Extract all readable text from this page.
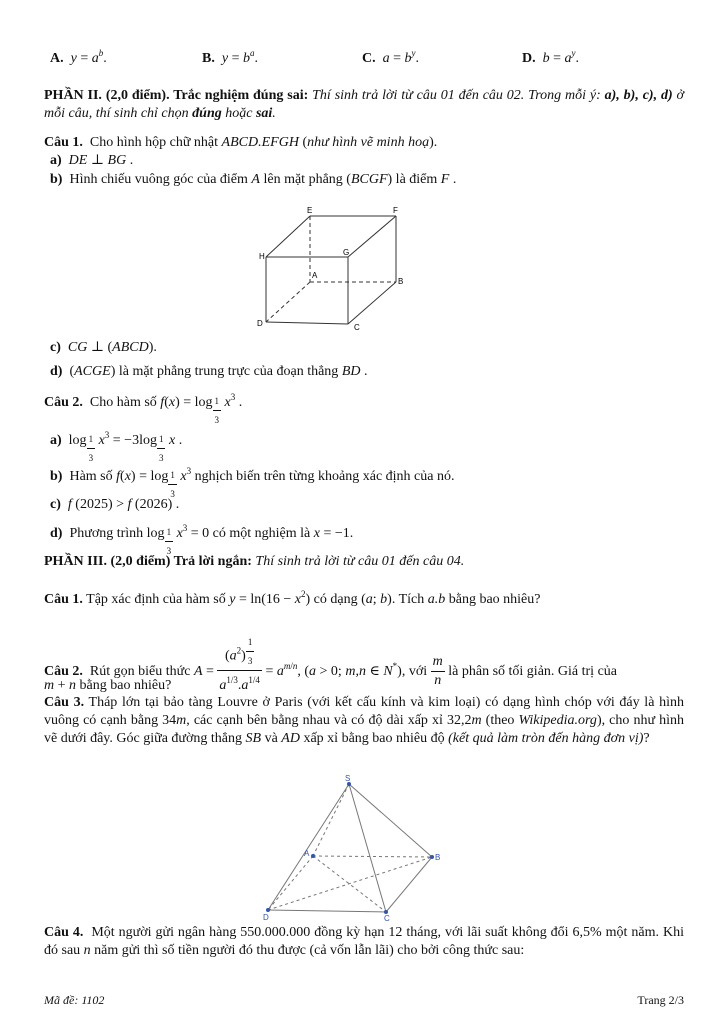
A. $y = a^b$.	B. $y = b^a$.	C. $a = b^y$.	D. $b = a^y$.
PHẦN II. (2,0 điểm). Trắc nghiệm đúng sai: Thí sinh trả lời từ câu 01 đến câu 02. Trong mỗi ý: a), b), c), d) ở mỗi câu, thí sinh chỉ chọn đúng hoặc sai.
Câu 1.  Cho hình hộp chữ nhật ABCD.EFGH (như hình vẽ minh hoạ).
a) DE ⊥ BG .
b)  Hình chiếu vuông góc của điểm A lên mặt phẳng (BCGF) là điểm F .
E	F
H	G
A
B
D	C
c) CG ⊥ (ABCD).
d)  (ACGE) là mặt phẳng trung trực của đoạn thẳng BD .
Câu 2.  Cho hàm số $f(x) = \log \frac{1}{3} x^3$ .
a)  $\log \frac{1}{3} x^3 = -3\log \frac{1}{3}$ x .
b)  Hàm số $f(x) = \log \frac{1}{3} x^3$ nghịch biến trên từng khoảng xác định của nó.
c) f (2025) > f (2026) .
d)  Phương trình $\log \frac{1}{3} x^3 = 0$ có một nghiệm là x = −1.
PHẦN III. (2,0 điểm) Trả lời ngắn: Thí sinh trả lời từ câu 01 đến câu 04.
Câu 1. Tập xác định của hàm số $y = \ln(16 - x^2)$ có dạng (a; b). Tích a.b bằng bao nhiêu?
Câu 2.  Rút gọn biểu thức $A = (a^2)$ $^{\frac{1}{3}}$
$a^{1/3}.a^{1/4} = a^{m/n}$, (a > 0; m,n ∈ N*), với $\frac{m}{n}$ là phân số tối giản. Giá trị của
m + n bằng bao nhiêu?
Câu 3. Tháp lớn tại bảo tàng Louvre ở Paris (với kết cấu kính và kim loại) có dạng hình chóp với đáy là hình vuông có cạnh bằng 34m, các cạnh bên bằng nhau và có độ dài xấp xỉ 32,2m (theo Wikipedia.org), cho như hình vẽ dưới đây. Góc giữa đường thẳng SB và AD xấp xỉ bằng bao nhiêu độ (kết quả làm tròn đến hàng đơn vị)?
S
A	B
D	C
Câu 4.  Một người gửi ngân hàng 550.000.000 đồng kỳ hạn 12 tháng, với lãi suất không đổi 6,5% một năm. Khi đó sau n năm gửi thì số tiền người đó thu được (cả vốn lẫn lãi) cho bởi công thức sau:
Mã đề: 1102	Trang 2/3
